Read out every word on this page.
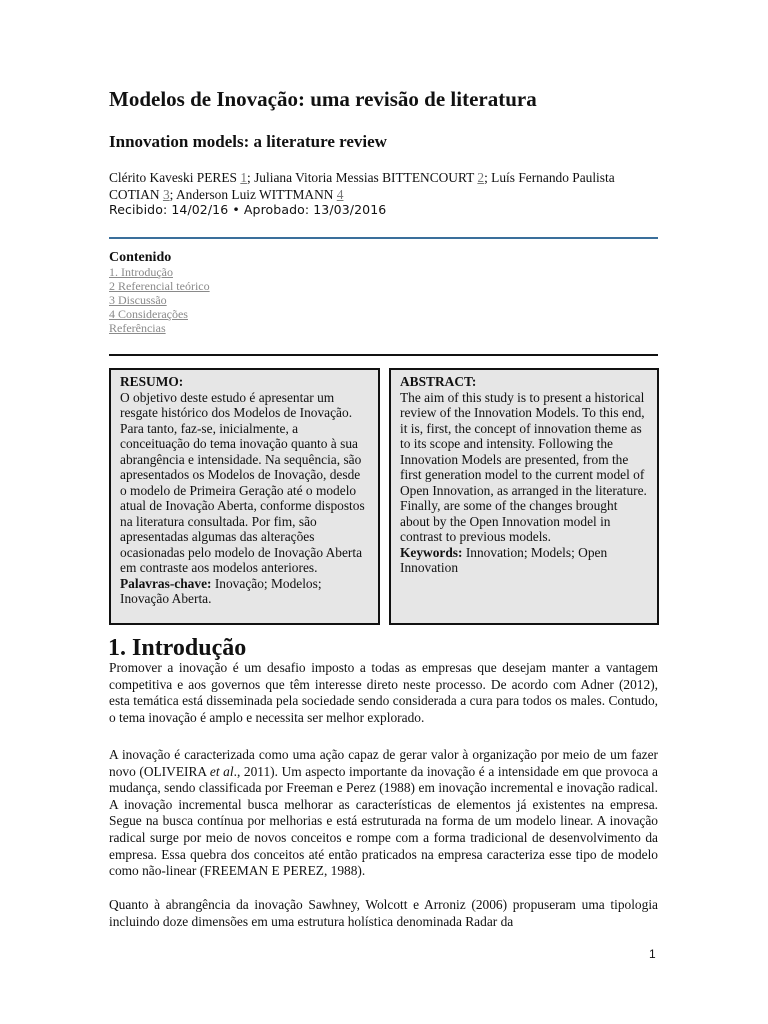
Modelos de Inovação: uma revisão de literatura
Innovation models: a literature review
Clérito Kaveski PERES 1; Juliana Vitoria Messias BITTENCOURT 2; Luís Fernando Paulista COTIAN 3; Anderson Luiz WITTMANN 4
Recibido: 14/02/16 • Aprobado: 13/03/2016
Contenido
1. Introdução
2 Referencial teórico
3 Discussão
4 Considerações
Referências
RESUMO:
O objetivo deste estudo é apresentar um resgate histórico dos Modelos de Inovação. Para tanto, faz-se, inicialmente, a conceituação do tema inovação quanto à sua abrangência e intensidade. Na sequência, são apresentados os Modelos de Inovação, desde o modelo de Primeira Geração até o modelo atual de Inovação Aberta, conforme dispostos na literatura consultada. Por fim, são apresentadas algumas das alterações ocasionadas pelo modelo de Inovação Aberta em contraste aos modelos anteriores.
Palavras-chave: Inovação; Modelos; Inovação Aberta.
ABSTRACT:
The aim of this study is to present a historical review of the Innovation Models. To this end, it is, first, the concept of innovation theme as to its scope and intensity. Following the Innovation Models are presented, from the first generation model to the current model of Open Innovation, as arranged in the literature. Finally, are some of the changes brought about by the Open Innovation model in contrast to previous models.
Keywords: Innovation; Models; Open Innovation
1. Introdução

Promover a inovação é um desafio imposto a todas as empresas que desejam manter a vantagem competitiva e aos governos que têm interesse direto neste processo. De acordo com Adner (2012), esta temática está disseminada pela sociedade sendo considerada a cura para todos os males. Contudo, o tema inovação é amplo e necessita ser melhor explorado.

A inovação é caracterizada como uma ação capaz de gerar valor à organização por meio de um fazer novo (OLIVEIRA et al., 2011). Um aspecto importante da inovação é a intensidade em que provoca a mudança, sendo classificada por Freeman e Perez (1988) em inovação incremental e inovação radical. A inovação incremental busca melhorar as características de elementos já existentes na empresa. Segue na busca contínua por melhorias e está estruturada na forma de um modelo linear. A inovação radical surge por meio de novos conceitos e rompe com a forma tradicional de desenvolvimento da empresa. Essa quebra dos conceitos até então praticados na empresa caracteriza esse tipo de modelo como não-linear (FREEMAN E PEREZ, 1988).

Quanto à abrangência da inovação Sawhney, Wolcott e Arroniz (2006) propuseram uma tipologia incluindo doze dimensões em uma estrutura holística denominada Radar da

1
